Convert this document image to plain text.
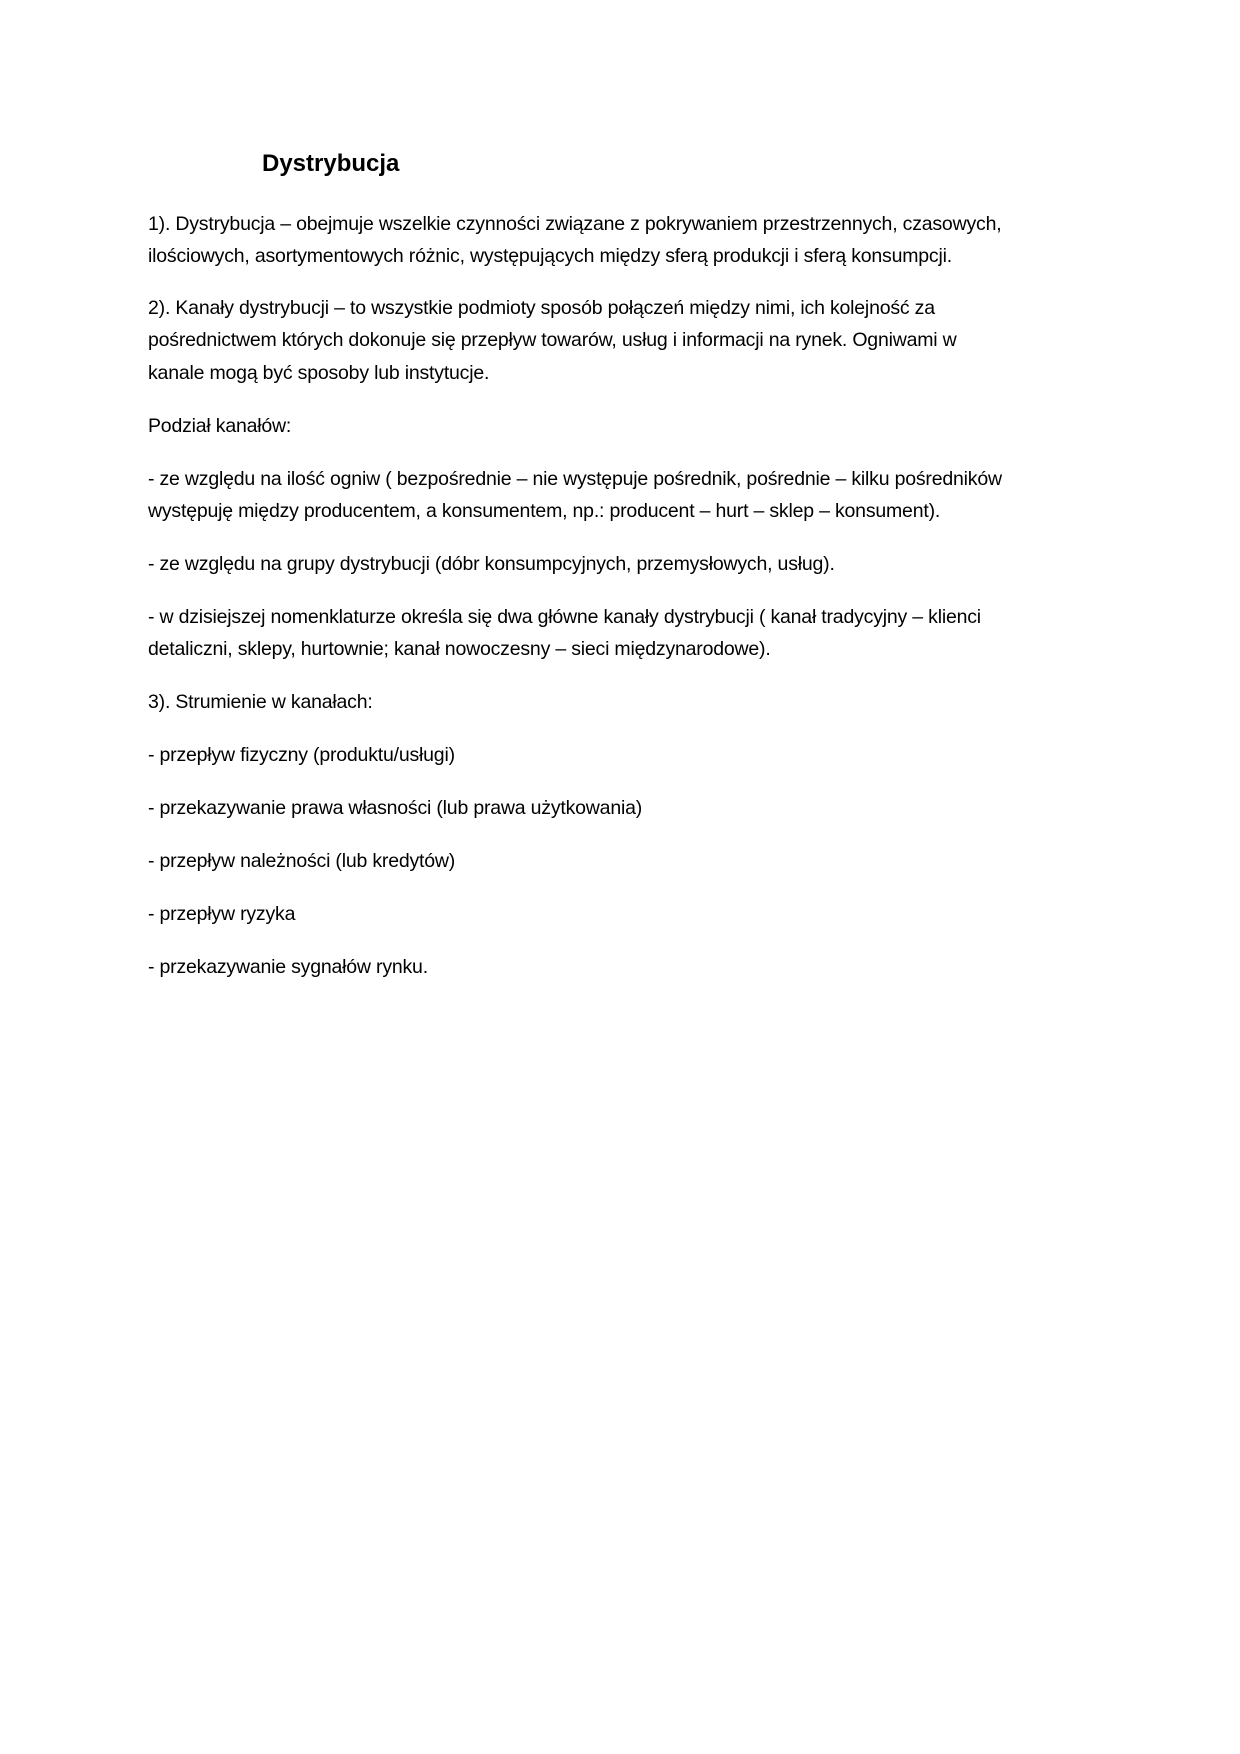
Dystrybucja

1). Dystrybucja – obejmuje wszelkie czynności związane z pokrywaniem przestrzennych, czasowych,

ilościowych, asortymentowych różnic, występujących między sferą produkcji i sferą konsumpcji.

2). Kanały dystrybucji – to wszystkie podmioty sposób połączeń między nimi, ich kolejność za

pośrednictwem których dokonuje się przepływ towarów, usług i informacji na rynek. Ogniwami w

kanale mogą być sposoby lub instytucje.

Podział kanałów:

- ze względu na ilość ogniw ( bezpośrednie – nie występuje pośrednik, pośrednie – kilku pośredników

występuję między producentem, a konsumentem, np.: producent – hurt – sklep – konsument).

- ze względu na grupy dystrybucji (dóbr konsumpcyjnych, przemysłowych, usług).

- w dzisiejszej nomenklaturze określa się dwa główne kanały dystrybucji ( kanał tradycyjny – klienci

detaliczni, sklepy, hurtownie; kanał nowoczesny – sieci międzynarodowe).

3). Strumienie w kanałach:

- przepływ fizyczny (produktu/usługi)

- przekazywanie prawa własności (lub prawa użytkowania)

- przepływ należności (lub kredytów)

- przepływ ryzyka

- przekazywanie sygnałów rynku.
